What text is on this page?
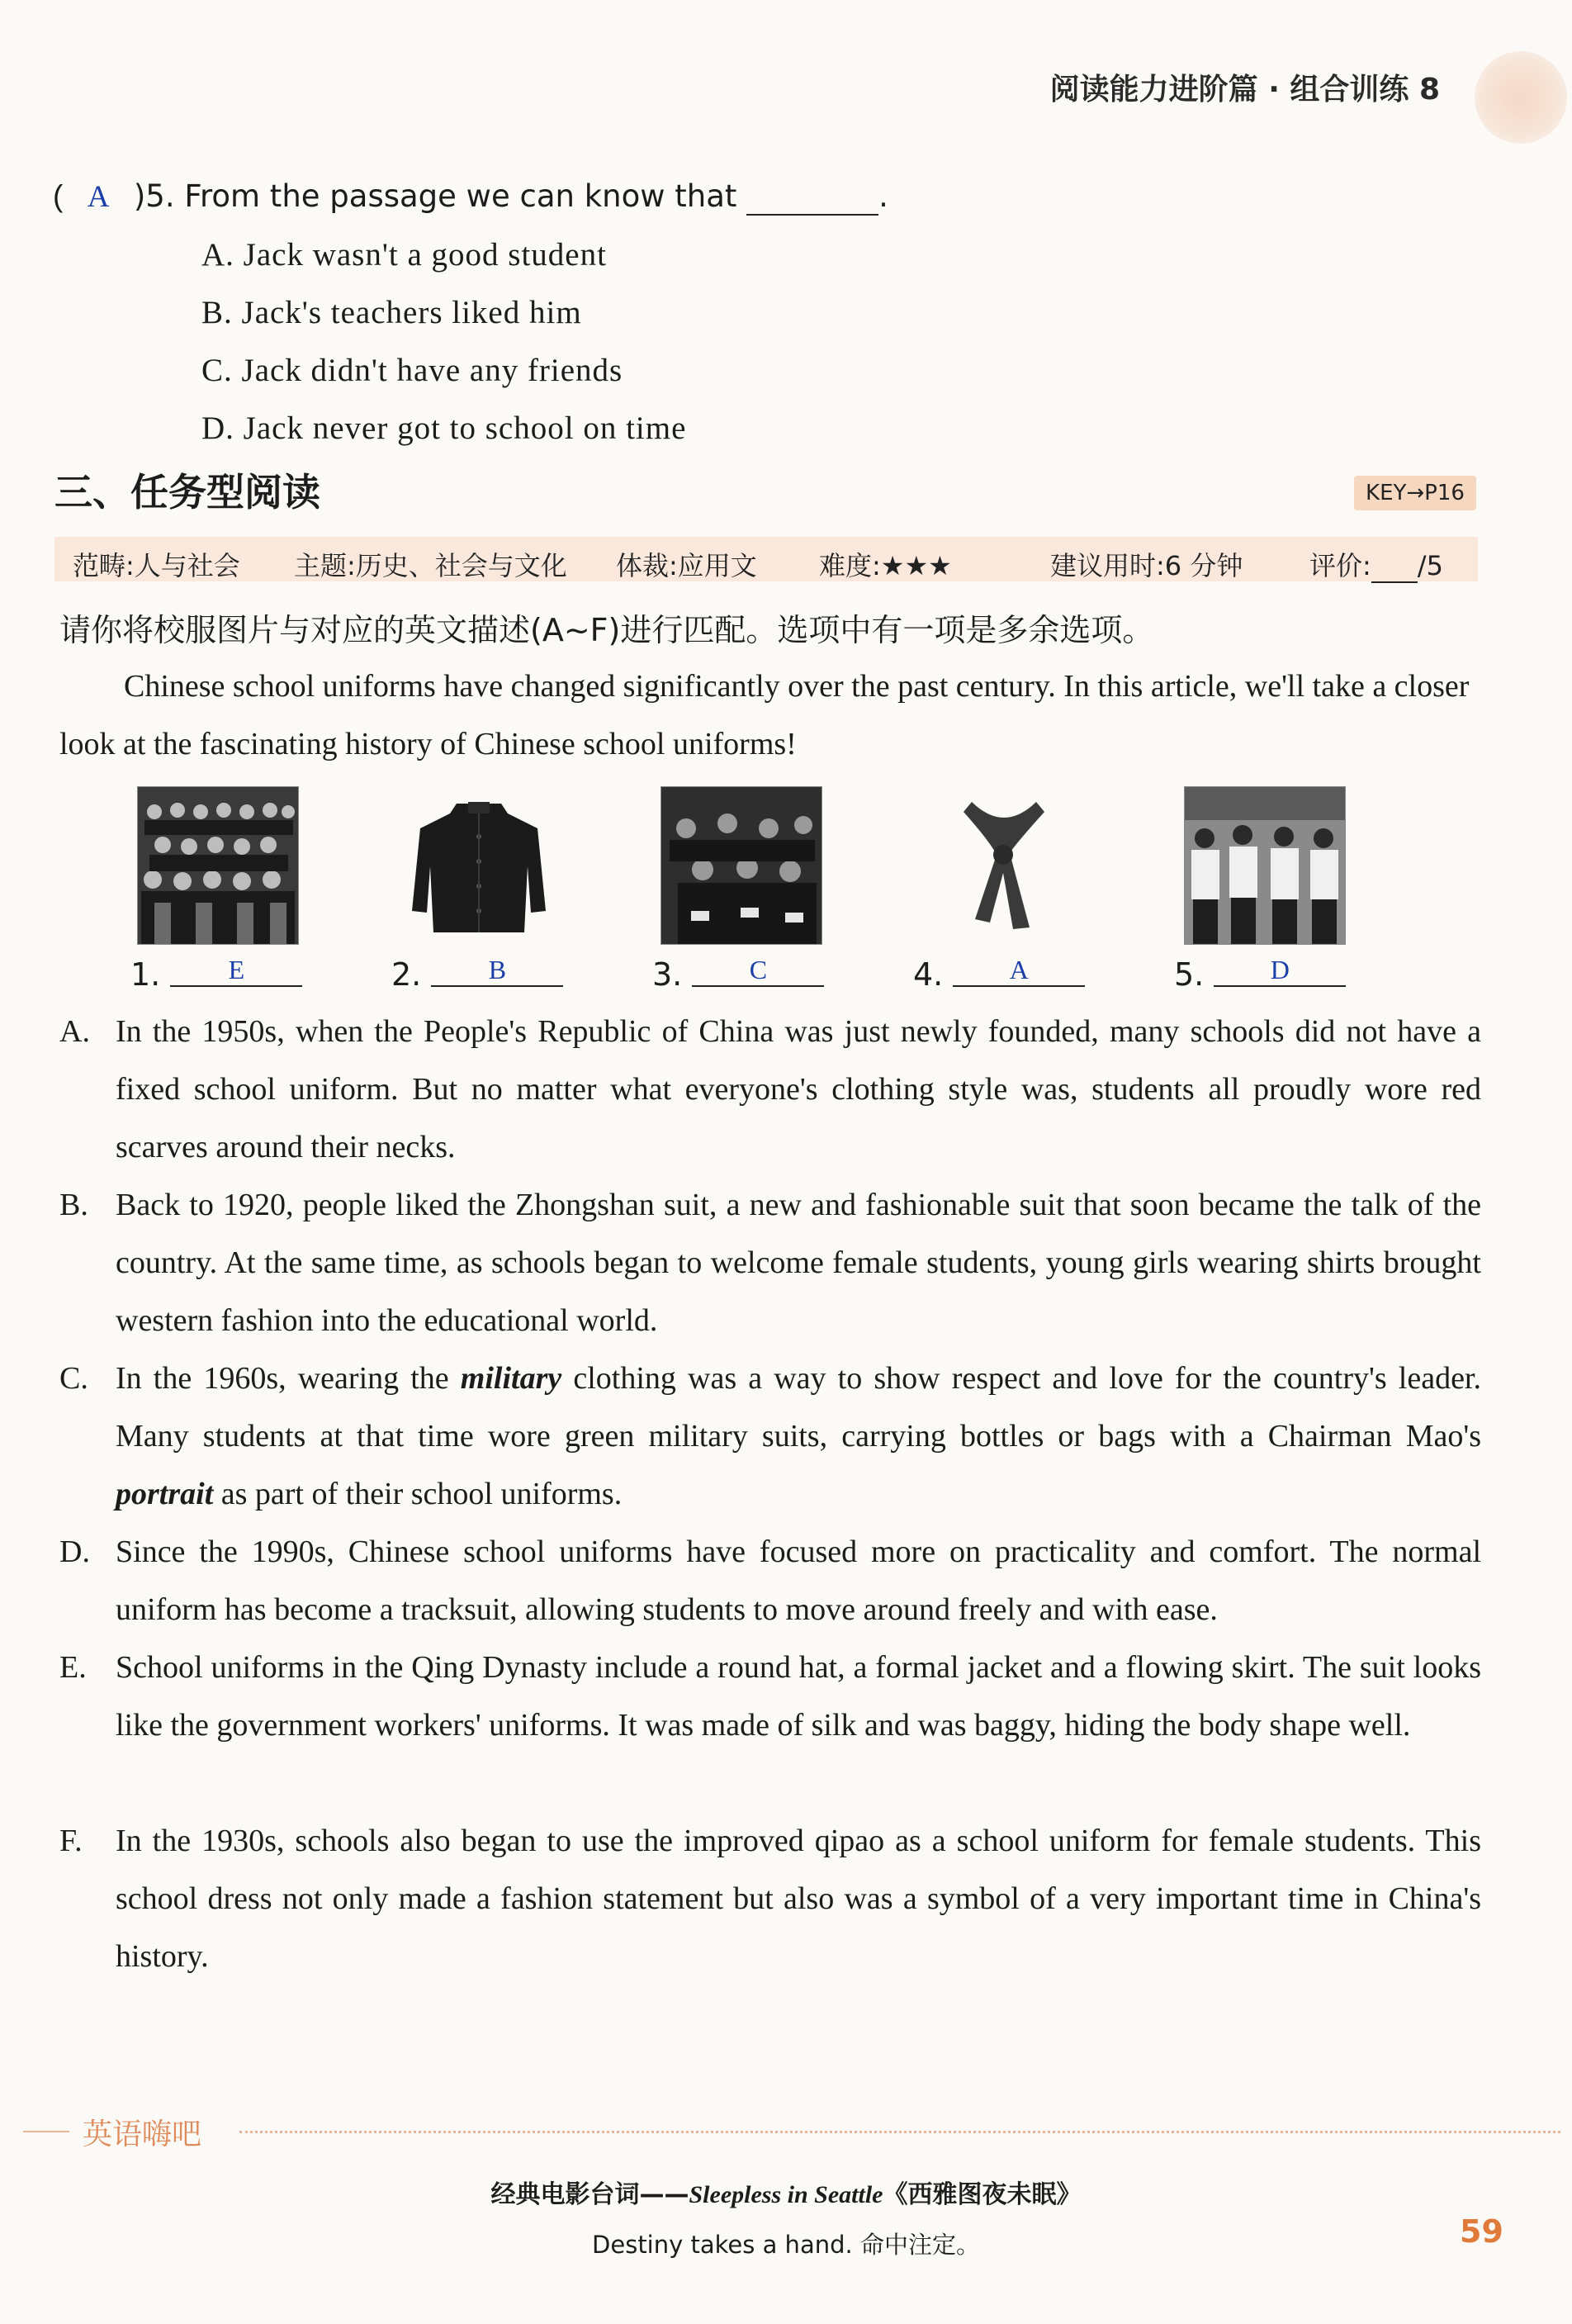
阅读能力进阶篇 · 组合训练 8
( A )5. From the passage we can know that	.
A. Jack wasn't a good student
B. Jack's teachers liked him
C. Jack didn't have any friends
D. Jack never got to school on time
三、任务型阅读	KEY→P16
范畴:人与社会 主题:历史、社会与文化 体裁:应用文 难度:★★★	建议用时:6 分钟	评价: /5
请你将校服图片与对应的英文描述(A~F)进行匹配。选项中有一项是多余选项。
Chinese school uniforms have changed significantly over the past century. In this article, we'll take a closer look at the fascinating history of Chinese school uniforms!
1.	E	2.	B	3.	C	4.	A	5.	D
A. In the 1950s, when the People's Republic of China was just newly founded, many schools did not have a fixed school uniform. But no matter what everyone's clothing style was, students all proudly wore red scarves around their necks.
B. Back to 1920, people liked the Zhongshan suit, a new and fashionable suit that soon became the talk of the country. At the same time, as schools began to welcome female students, young girls wearing shirts brought western fashion into the educational world.
C. In the 1960s, wearing the military clothing was a way to show respect and love for the country's leader. Many students at that time wore green military suits, carrying bottles or bags with a Chairman Mao's portrait as part of their school uniforms.
D. Since the 1990s, Chinese school uniforms have focused more on practicality and comfort. The normal uniform has become a tracksuit, allowing students to move around freely and with ease.
E. School uniforms in the Qing Dynasty include a round hat, a formal jacket and a flowing skirt. The suit looks like the government workers' uniforms. It was made of silk and was baggy, hiding the body shape well.
F. In the 1930s, schools also began to use the improved qipao as a school uniform for female students. This school dress not only made a fashion statement but also was a symbol of a very important time in China's history.
英语嗨吧
经典电影台词——Sleepless in Seattle《西雅图夜未眠》
Destiny takes a hand. 命中注定。	59
